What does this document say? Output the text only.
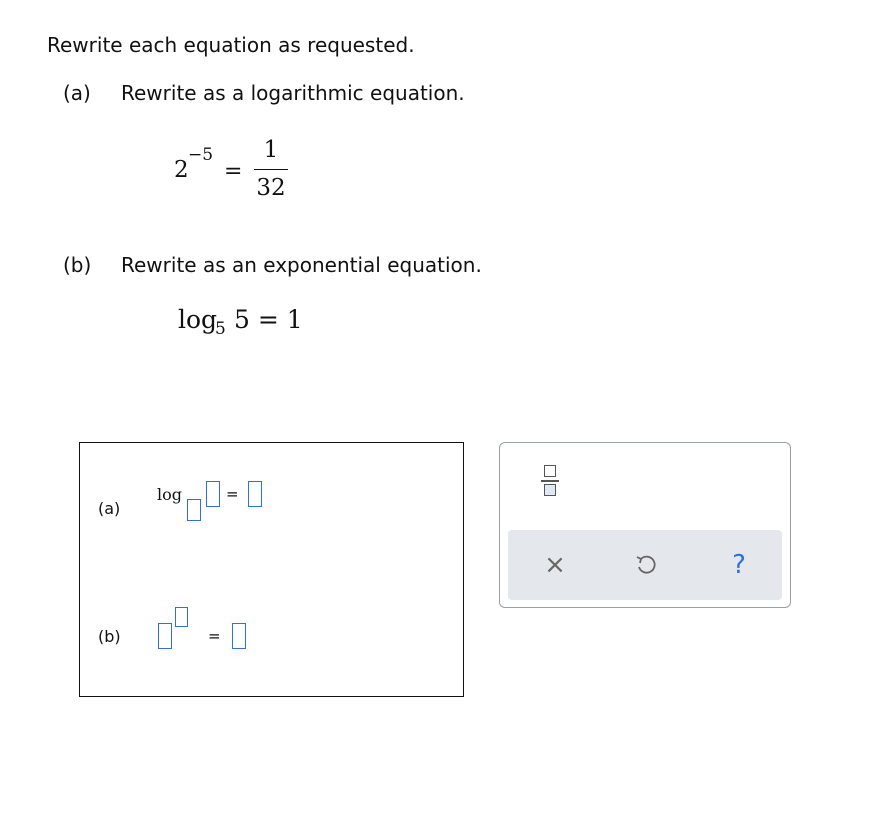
Rewrite each equation as requested.
(a) Rewrite as a logarithmic equation.
2
−5
=
1
32
(b) Rewrite as an exponential equation.
log
5 5 = 1
(a)
log	=
(b)	=
×	?
